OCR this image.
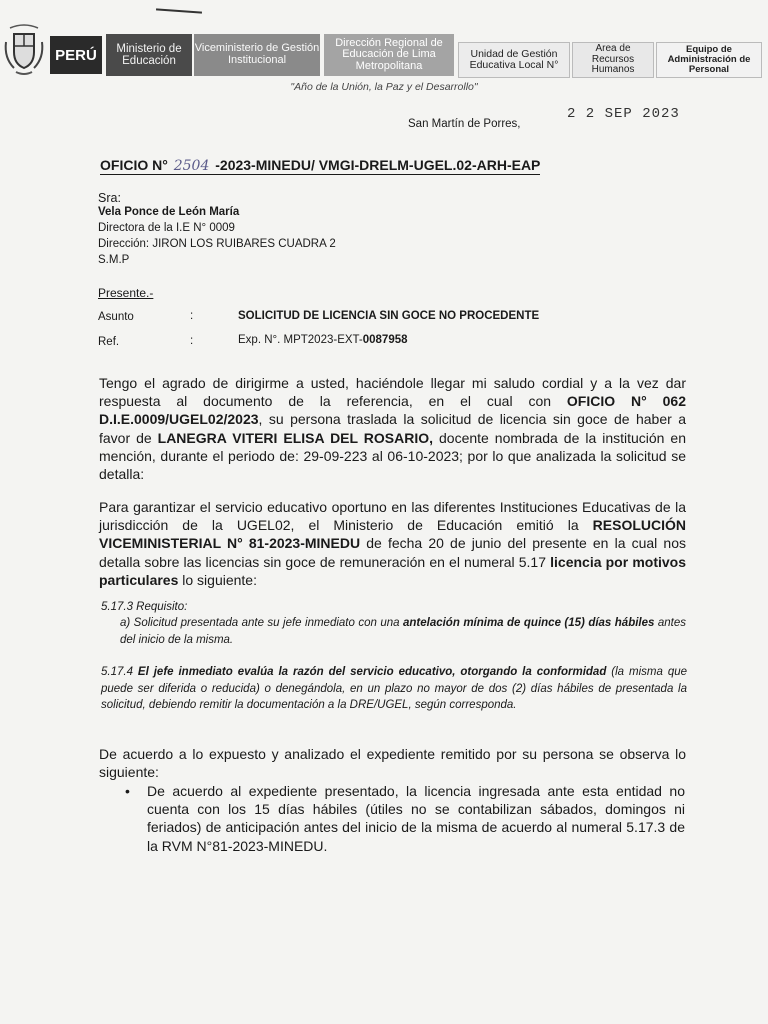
PERÚ	Ministerio de Educación
Viceministerio de Gestión Institucional
Dirección Regional de Educación de Lima Metropolitana
Unidad de Gestión Educativa Local N°
Area de Recursos Humanos
Equipo de Administración de Personal
"Año de la Unión, la Paz y el Desarrollo"
2 2 SEP 2023
San Martín de Porres,
OFICIO N° 2504 -2023-MINEDU/ VMGI-DRELM-UGEL.02-ARH-EAP
Sra:
Vela Ponce de León María
Directora de la I.E N° 0009
Dirección: JIRON LOS RUIBARES CUADRA 2
S.M.P
Presente.-
Asunto	:	SOLICITUD DE LICENCIA SIN GOCE NO PROCEDENTE
Ref.	:	Exp. N°. MPT2023-EXT-0087958
Tengo el agrado de dirigirme a usted, haciéndole llegar mi saludo cordial y a la vez dar respuesta al documento de la referencia, en el cual con OFICIO N° 062 D.I.E.0009/UGEL02/2023, su persona traslada la solicitud de licencia sin goce de haber a favor de LANEGRA VITERI ELISA DEL ROSARIO, docente nombrada de la institución en mención, durante el periodo de: 29-09-223 al 06-10-2023; por lo que analizada la solicitud se detalla:
Para garantizar el servicio educativo oportuno en las diferentes Instituciones Educativas de la jurisdicción de la UGEL02, el Ministerio de Educación emitió la RESOLUCIÓN VICEMINISTERIAL N° 81-2023-MINEDU de fecha 20 de junio del presente en la cual nos detalla sobre las licencias sin goce de remuneración en el numeral 5.17 licencia por motivos particulares lo siguiente:
5.17.3 Requisito:
a) Solicitud presentada ante su jefe inmediato con una antelación mínima de quince (15) días hábiles antes del inicio de la misma.
5.17.4 El jefe inmediato evalúa la razón del servicio educativo, otorgando la conformidad (la misma que puede ser diferida o reducida) o denegándola, en un plazo no mayor de dos (2) días hábiles de presentada la solicitud, debiendo remitir la documentación a la DRE/UGEL, según corresponda.
De acuerdo a lo expuesto y analizado el expediente remitido por su persona se observa lo siguiente:
• De acuerdo al expediente presentado, la licencia ingresada ante esta entidad no cuenta con los 15 días hábiles (útiles no se contabilizan sábados, domingos ni feriados) de anticipación antes del inicio de la misma de acuerdo al numeral 5.17.3 de la RVM N°81-2023-MINEDU.
